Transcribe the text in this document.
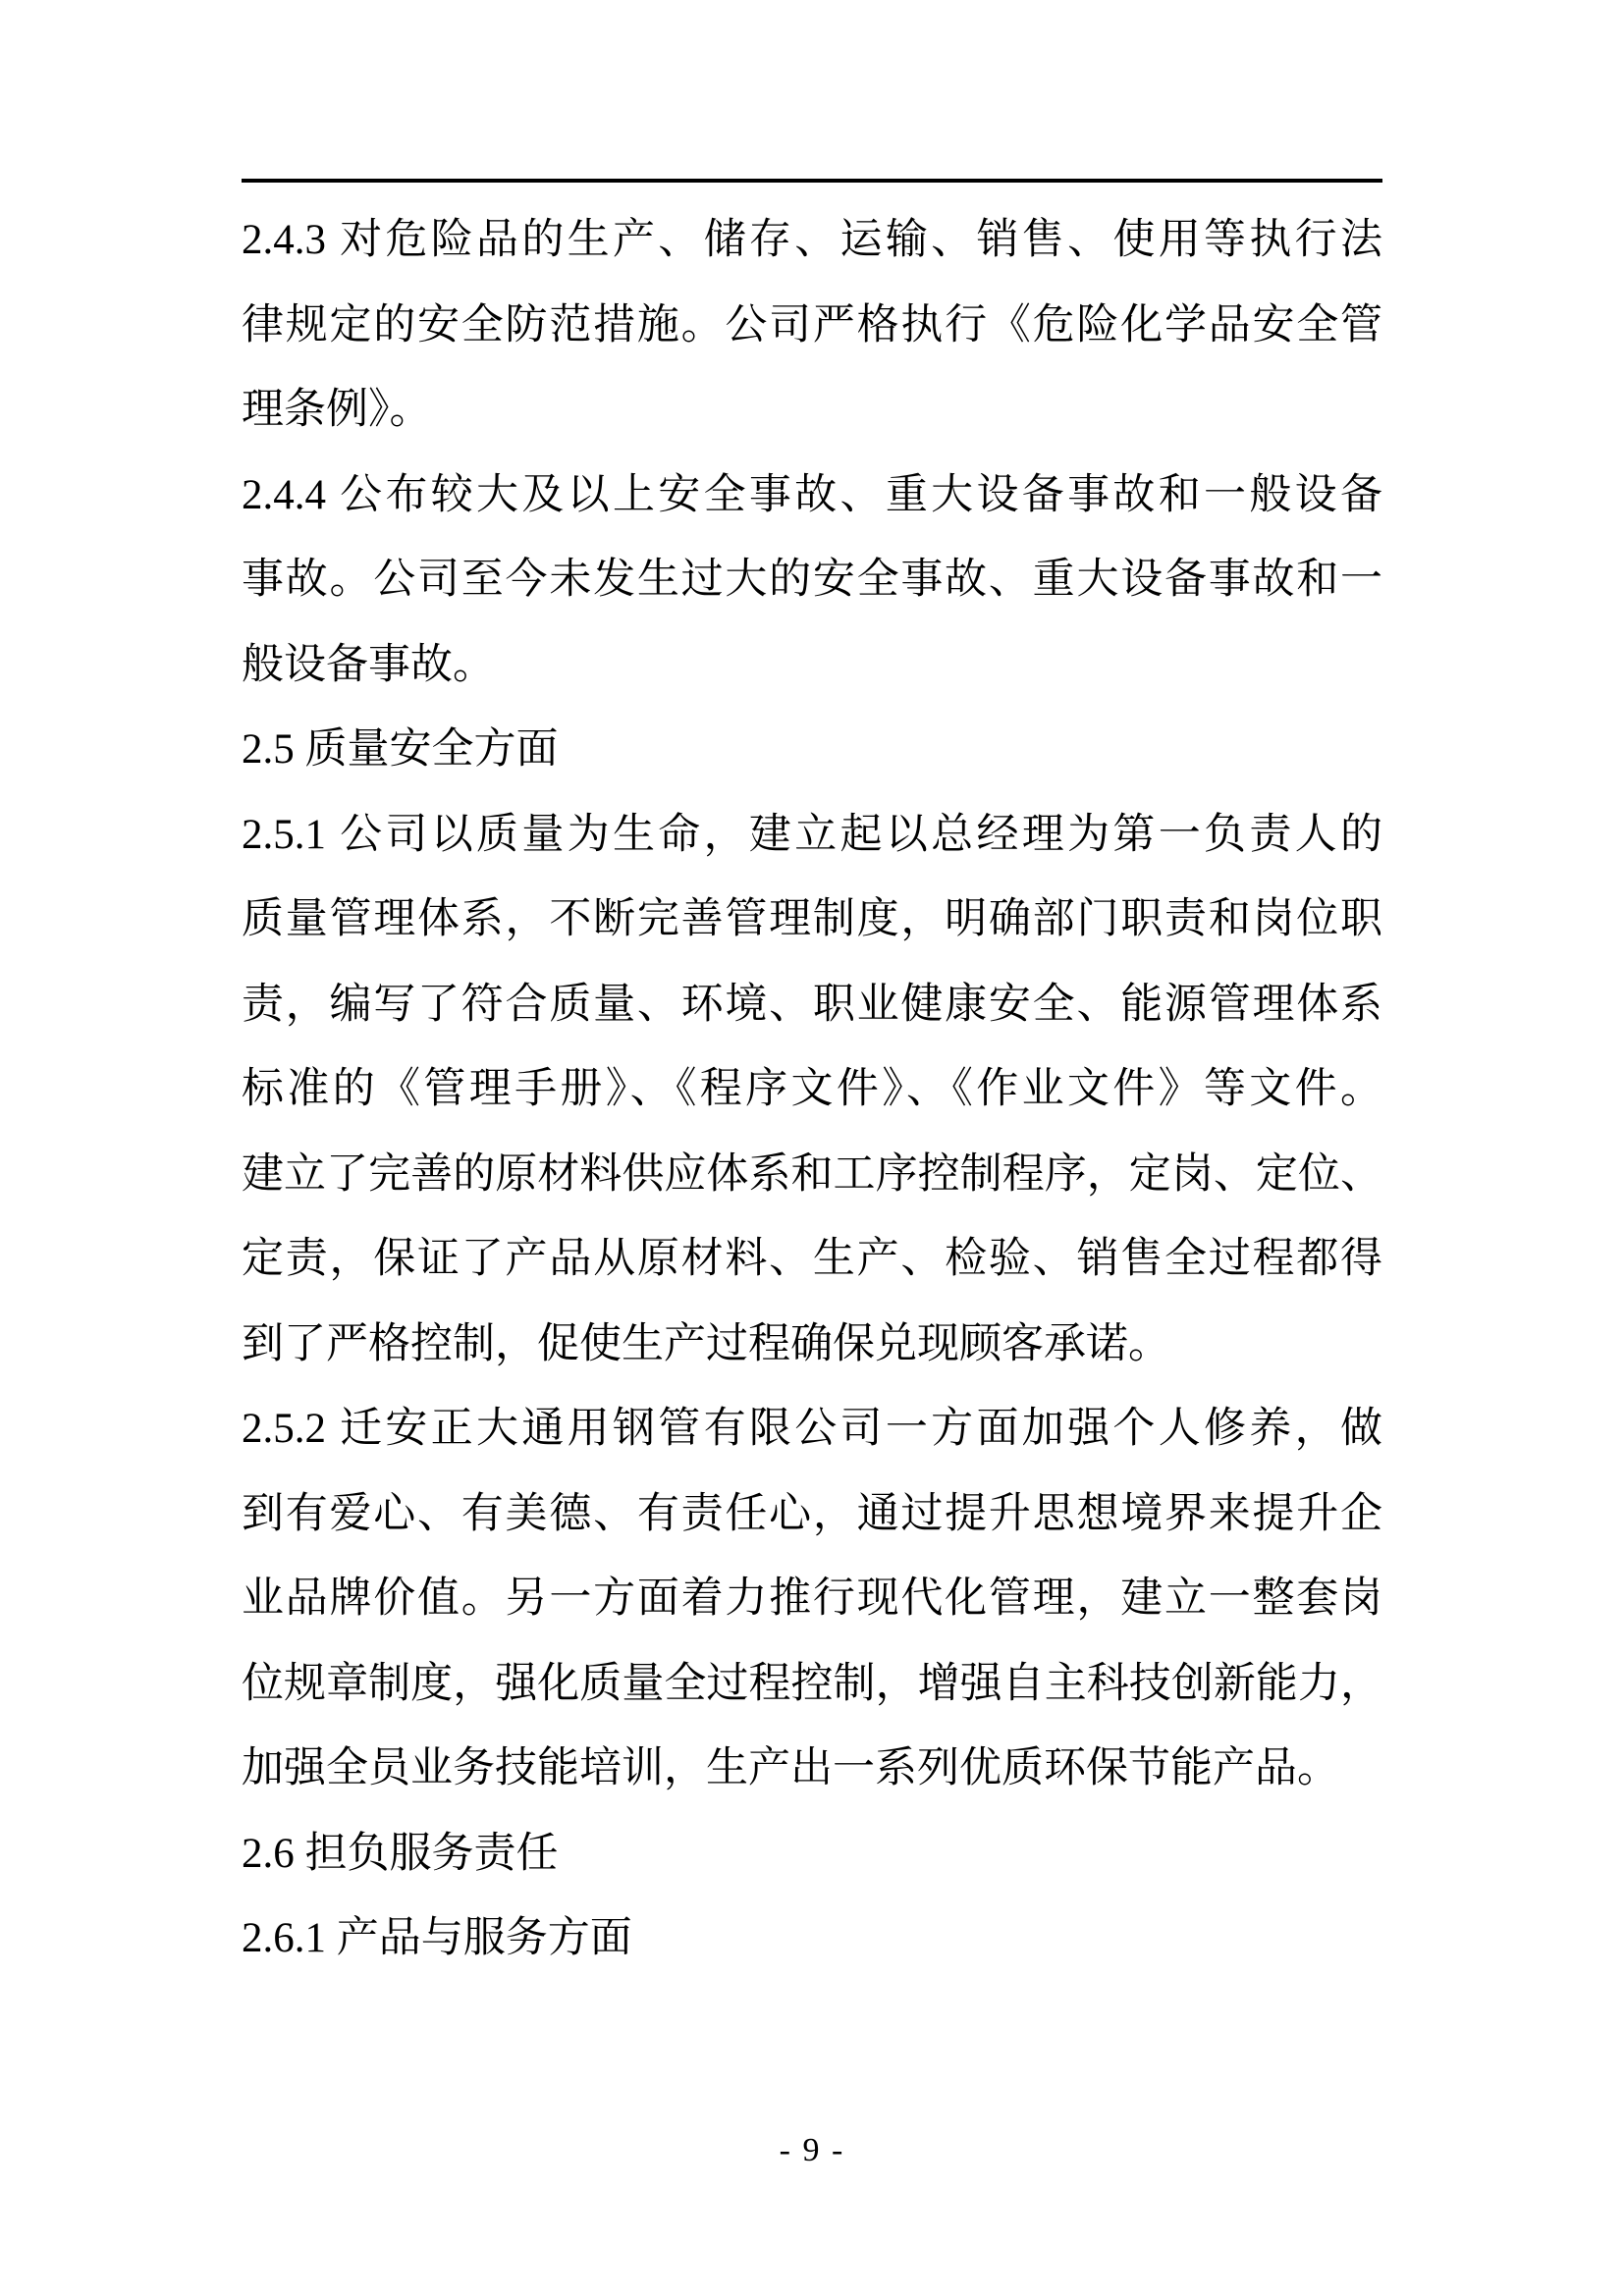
2.4.3 对危险品的生产、储存、运输、销售、使用等执行法
律规定的安全防范措施。公司严格执行《危险化学品安全管
理条例》。
2.4.4 公布较大及以上安全事故、重大设备事故和一般设备
事故。公司至今未发生过大的安全事故、重大设备事故和一
般设备事故。
2.5 质量安全方面
2.5.1 公司以质量为生命，建立起以总经理为第一负责人的
质量管理体系，不断完善管理制度，明确部门职责和岗位职
责，编写了符合质量、环境、职业健康安全、能源管理体系
标准的《管理手册》、《程序文件》、《作业文件》等文件。
建立了完善的原材料供应体系和工序控制程序，定岗、定位、
定责，保证了产品从原材料、生产、检验、销售全过程都得
到了严格控制，促使生产过程确保兑现顾客承诺。
2.5.2 迁安正大通用钢管有限公司一方面加强个人修养，做
到有爱心、有美德、有责任心，通过提升思想境界来提升企
业品牌价值。另一方面着力推行现代化管理，建立一整套岗
位规章制度，强化质量全过程控制，增强自主科技创新能力，
加强全员业务技能培训，生产出一系列优质环保节能产品。
2.6 担负服务责任
2.6.1 产品与服务方面
- 9 -
